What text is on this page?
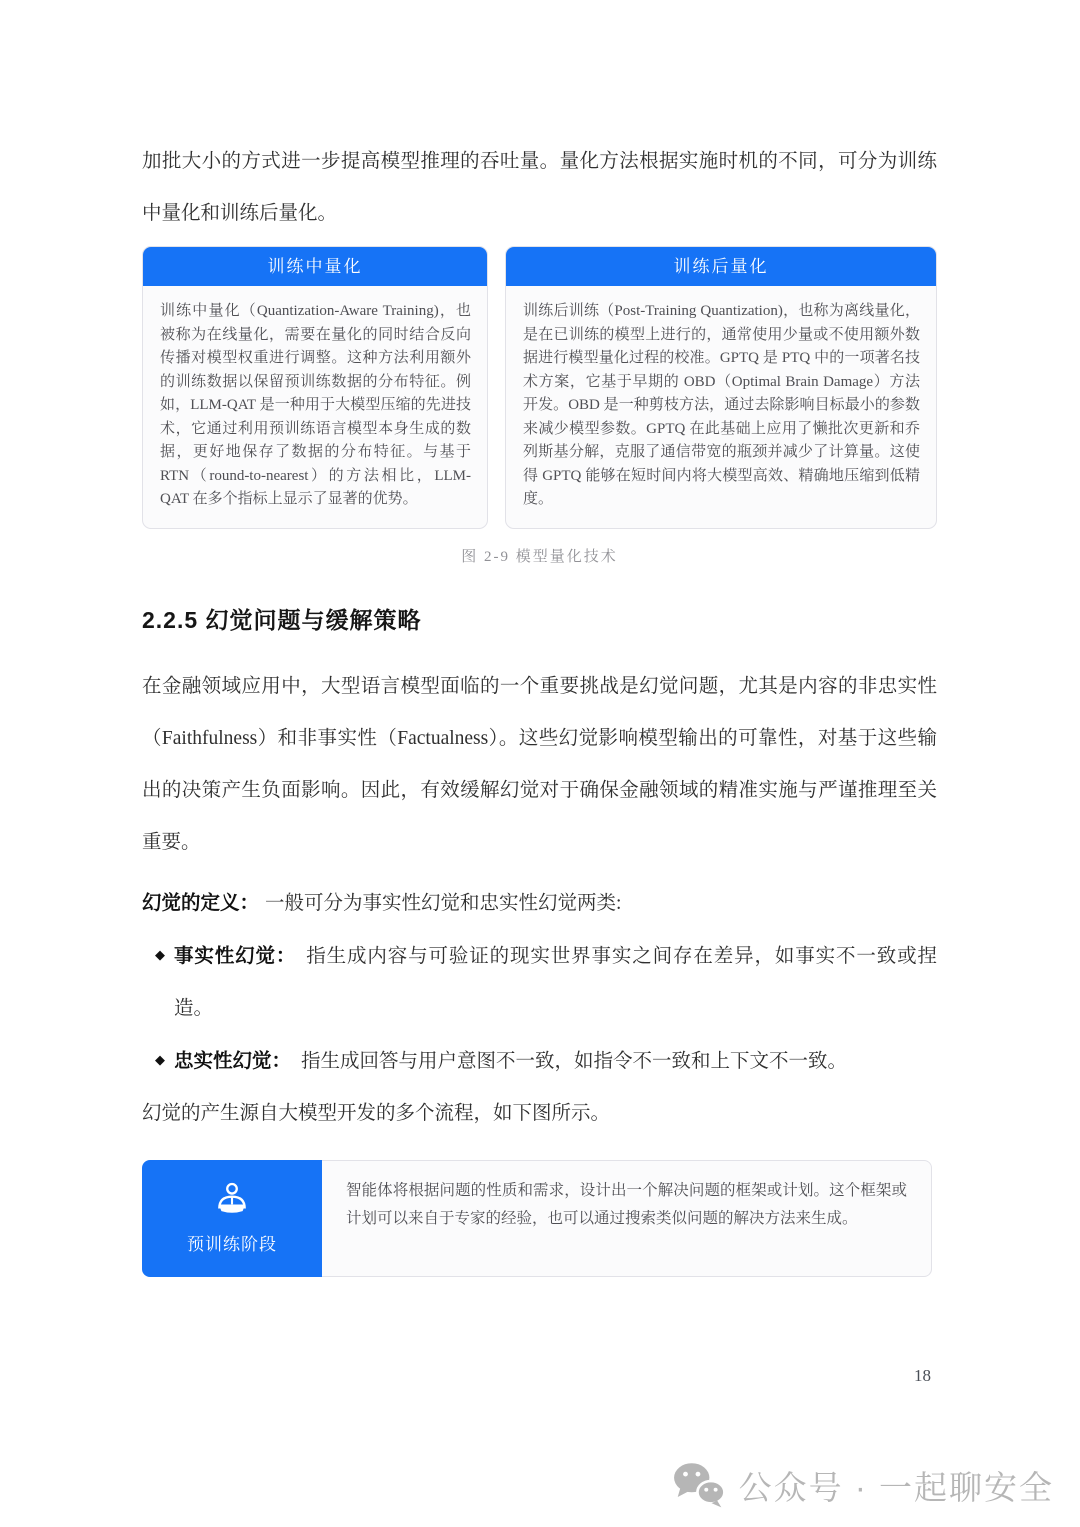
加批大小的方式进一步提高模型推理的吞吐量。量化方法根据实施时机的不同，可分为训练中量化和训练后量化。

训练中量化
训练中量化（Quantization-Aware Training)，也被称为在线量化，需要在量化的同时结合反向传播对模型权重进行调整。这种方法利用额外的训练数据以保留预训练数据的分布特征。例如，LLM-QAT 是一种用于大模型压缩的先进技术，它通过利用预训练语言模型本身生成的数据，更好地保存了数据的分布特征。与基于 RTN（round-to-nearest）的方法相比，LLM-QAT 在多个指标上显示了显著的优势。
训练后量化
训练后训练（Post-Training Quantization)，也称为离线量化，是在已训练的模型上进行的，通常使用少量或不使用额外数据进行模型量化过程的校准。GPTQ 是 PTQ 中的一项著名技术方案，它基于早期的 OBD（Optimal Brain Damage）方法开发。OBD 是一种剪枝方法，通过去除影响目标最小的参数来减少模型参数。GPTQ 在此基础上应用了懒批次更新和乔列斯基分解，克服了通信带宽的瓶颈并减少了计算量。这使得 GPTQ 能够在短时间内将大模型高效、精确地压缩到低精度。
图 2-9 模型量化技术
2.2.5 幻觉问题与缓解策略

在金融领域应用中，大型语言模型面临的一个重要挑战是幻觉问题，尤其是内容的非忠实性（Faithfulness）和非事实性（Factualness）。这些幻觉影响模型输出的可靠性，对基于这些输出的决策产生负面影响。因此，有效缓解幻觉对于确保金融领域的精准实施与严谨推理至关重要。

幻觉的定义： 一般可分为事实性幻觉和忠实性幻觉两类:

◆ 事实性幻觉： 指生成内容与可验证的现实世界事实之间存在差异，如事实不一致或捏造。
◆ 忠实性幻觉： 指生成回答与用户意图不一致，如指令不一致和上下文不一致。

幻觉的产生源自大模型开发的多个流程，如下图所示。

预训练阶段
智能体将根据问题的性质和需求，设计出一个解决问题的框架或计划。这个框架或计划可以来自于专家的经验，也可以通过搜索类似问题的解决方法来生成。
18
公众号 · 一起聊安全
